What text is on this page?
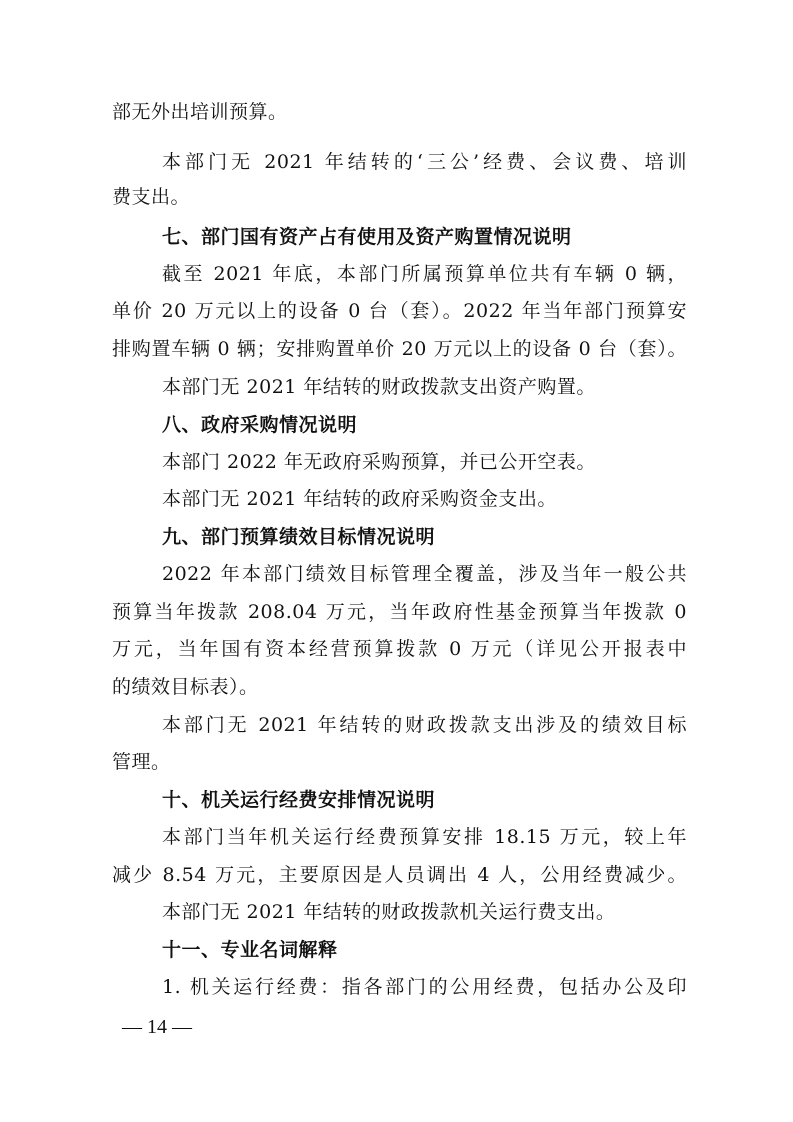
部无外出培训预算。
本部门无 2021 年结转的‘三公’经费、会议费、培训
费支出。
七、部门国有资产占有使用及资产购置情况说明
截至 2021 年底，本部门所属预算单位共有车辆 0 辆，
单价 20 万元以上的设备 0 台（套）。2022 年当年部门预算安
排购置车辆 0 辆；安排购置单价 20 万元以上的设备 0 台（套）。
本部门无 2021 年结转的财政拨款支出资产购置。
八、政府采购情况说明
本部门 2022 年无政府采购预算，并已公开空表。
本部门无 2021 年结转的政府采购资金支出。
九、部门预算绩效目标情况说明
2022 年本部门绩效目标管理全覆盖，涉及当年一般公共
预算当年拨款 208.04 万元，当年政府性基金预算当年拨款 0
万元，当年国有资本经营预算拨款 0 万元（详见公开报表中
的绩效目标表）。
本部门无 2021 年结转的财政拨款支出涉及的绩效目标
管理。
十、机关运行经费安排情况说明
本部门当年机关运行经费预算安排 18.15 万元，较上年
减少 8.54 万元，主要原因是人员调出 4 人，公用经费减少。
本部门无 2021 年结转的财政拨款机关运行费支出。
十一、专业名词解释
1. 机关运行经费：指各部门的公用经费，包括办公及印
— 14 —
